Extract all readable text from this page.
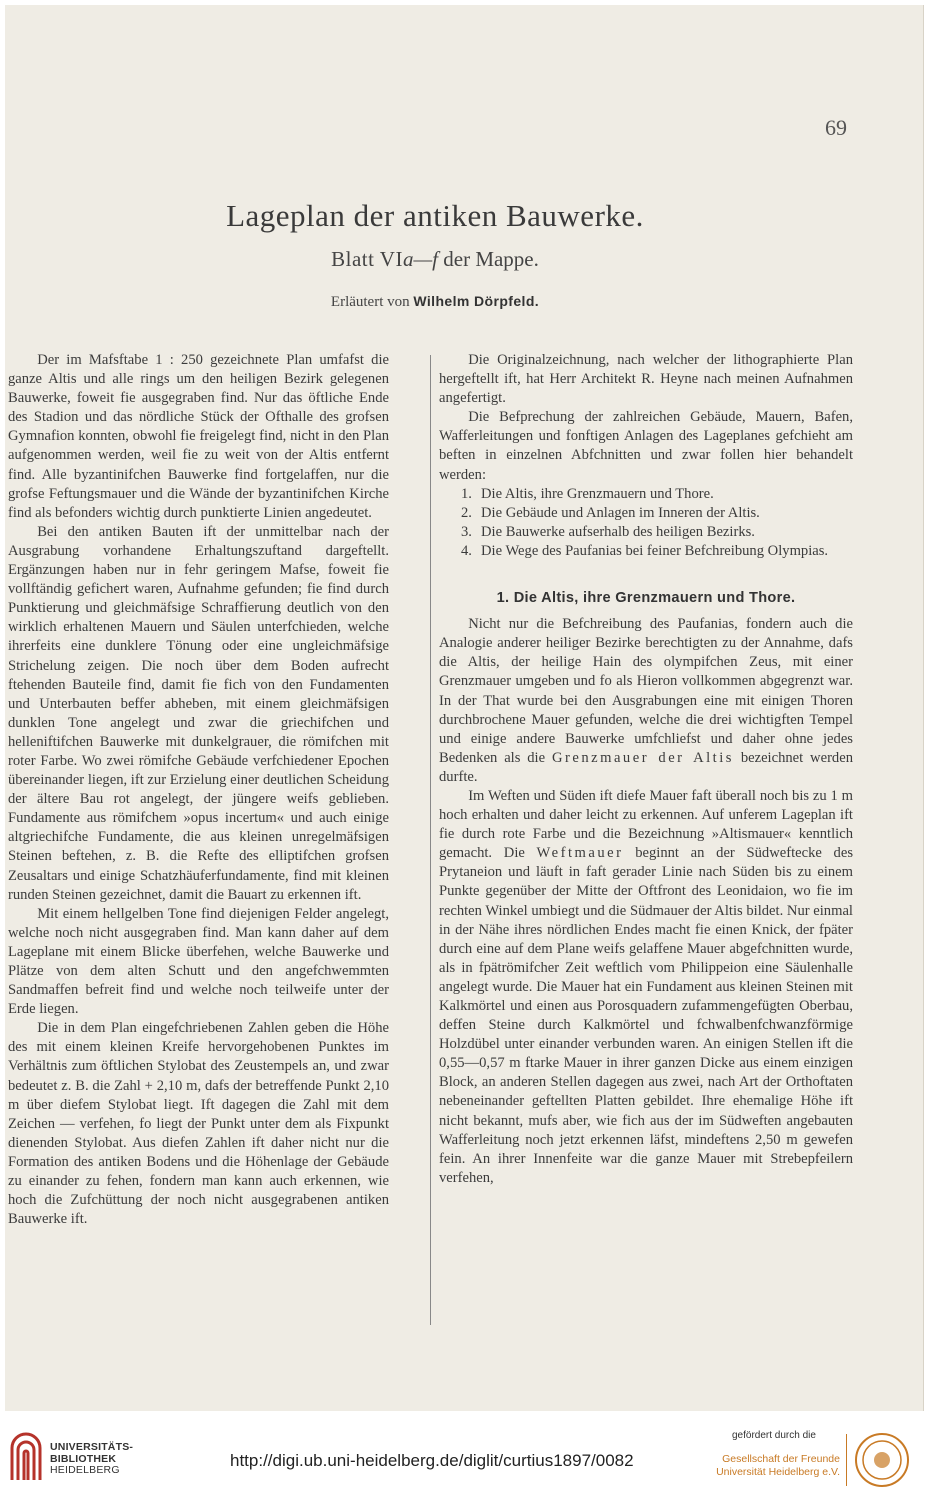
69
Lageplan der antiken Bauwerke.
Blatt VIa—f der Mappe.
Erläutert von Wilhelm Dörpfeld.

Der im Mafsftabe 1 : 250 gezeichnete Plan umfafst die ganze Altis und alle rings um den heiligen Bezirk gelegenen Bauwerke, foweit fie ausgegraben find. Nur das öftliche Ende des Stadion und das nördliche Stück der Ofthalle des grofsen Gymnafion konnten, obwohl fie freigelegt find, nicht in den Plan aufgenommen werden, weil fie zu weit von der Altis entfernt find. Alle byzantinifchen Bauwerke find fortgelaffen, nur die grofse Feftungsmauer und die Wände der byzantinifchen Kirche find als befonders wichtig durch punktierte Linien angedeutet.

Bei den antiken Bauten ift der unmittelbar nach der Ausgrabung vorhandene Erhaltungszuftand dargeftellt. Ergänzungen haben nur in fehr geringem Mafse, foweit fie vollftändig gefichert waren, Aufnahme gefunden; fie find durch Punktierung und gleichmäfsige Schraffierung deutlich von den wirklich erhaltenen Mauern und Säulen unterfchieden, welche ihrerfeits eine dunklere Tönung oder eine ungleichmäfsige Strichelung zeigen. Die noch über dem Boden aufrecht ftehenden Bauteile find, damit fie fich von den Fundamenten und Unterbauten beffer abheben, mit einem gleichmäfsigen dunklen Tone angelegt und zwar die griechifchen und helleniftifchen Bauwerke mit dunkelgrauer, die römifchen mit roter Farbe. Wo zwei römifche Gebäude verfchiedener Epochen übereinander liegen, ift zur Erzielung einer deutlichen Scheidung der ältere Bau rot angelegt, der jüngere weifs geblieben. Fundamente aus römifchem »opus incertum« und auch einige altgriechifche Fundamente, die aus kleinen unregelmäfsigen Steinen beftehen, z. B. die Refte des elliptifchen grofsen Zeusaltars und einige Schatzhäuferfundamente, find mit kleinen runden Steinen gezeichnet, damit die Bauart zu erkennen ift.

Mit einem hellgelben Tone find diejenigen Felder angelegt, welche noch nicht ausgegraben find. Man kann daher auf dem Lageplane mit einem Blicke überfehen, welche Bauwerke und Plätze von dem alten Schutt und den angefchwemmten Sandmaffen befreit find und welche noch teilweife unter der Erde liegen.

Die in dem Plan eingefchriebenen Zahlen geben die Höhe des mit einem kleinen Kreife hervorgehobenen Punktes im Verhältnis zum öftlichen Stylobat des Zeustempels an, und zwar bedeutet z. B. die Zahl + 2,10 m, dafs der betreffende Punkt 2,10 m über diefem Stylobat liegt. Ift dagegen die Zahl mit dem Zeichen — verfehen, fo liegt der Punkt unter dem als Fixpunkt dienenden Stylobat. Aus diefen Zahlen ift daher nicht nur die Formation des antiken Bodens und die Höhenlage der Gebäude zu einander zu fehen, fondern man kann auch erkennen, wie hoch die Zufchüttung der noch nicht ausgegrabenen antiken Bauwerke ift.

Die Originalzeichnung, nach welcher der lithographierte Plan hergeftellt ift, hat Herr Architekt R. Heyne nach meinen Aufnahmen angefertigt.

Die Befprechung der zahlreichen Gebäude, Mauern, Bafen, Wafferleitungen und fonftigen Anlagen des Lageplanes gefchieht am beften in einzelnen Abfchnitten und zwar follen hier behandelt werden:

1. Die Altis, ihre Grenzmauern und Thore.
2. Die Gebäude und Anlagen im Inneren der Altis.
3. Die Bauwerke aufserhalb des heiligen Bezirks.
4. Die Wege des Paufanias bei feiner Befchreibung Olympias.
1. Die Altis, ihre Grenzmauern und Thore.

Nicht nur die Befchreibung des Paufanias, fondern auch die Analogie anderer heiliger Bezirke berechtigten zu der Annahme, dafs die Altis, der heilige Hain des olympifchen Zeus, mit einer Grenzmauer umgeben und fo als Hieron vollkommen abgegrenzt war. In der That wurde bei den Ausgrabungen eine mit einigen Thoren durchbrochene Mauer gefunden, welche die drei wichtigften Tempel und einige andere Bauwerke umfchliefst und daher ohne jedes Bedenken als die Grenzmauer der Altis bezeichnet werden durfte.

Im Weften und Süden ift diefe Mauer faft überall noch bis zu 1 m hoch erhalten und daher leicht zu erkennen. Auf unferem Lageplan ift fie durch rote Farbe und die Bezeichnung »Altismauer« kenntlich gemacht. Die Weftmauer beginnt an der Südweftecke des Prytaneion und läuft in faft gerader Linie nach Süden bis zu einem Punkte gegenüber der Mitte der Oftfront des Leonidaion, wo fie im rechten Winkel umbiegt und die Südmauer der Altis bildet. Nur einmal in der Nähe ihres nördlichen Endes macht fie einen Knick, der fpäter durch eine auf dem Plane weifs gelaffene Mauer abgefchnitten wurde, als in fpätrömifcher Zeit weftlich vom Philippeion eine Säulenhalle angelegt wurde. Die Mauer hat ein Fundament aus kleinen Steinen mit Kalkmörtel und einen aus Porosquadern zufammengefügten Oberbau, deffen Steine durch Kalkmörtel und fchwalbenfchwanzförmige Holzdübel unter einander verbunden waren. An einigen Stellen ift die 0,55—0,57 m ftarke Mauer in ihrer ganzen Dicke aus einem einzigen Block, an anderen Stellen dagegen aus zwei, nach Art der Orthoftaten nebeneinander geftellten Platten gebildet. Ihre ehemalige Höhe ift nicht bekannt, mufs aber, wie fich aus der im Südweften angebauten Wafferleitung noch jetzt erkennen läfst, mindeftens 2,50 m gewefen fein. An ihrer Innenfeite war die ganze Mauer mit Strebepfeilern verfehen,

UNIVERSITÄTS-
BIBLIOTHEK
HEIDELBERG	http://digi.ub.uni-heidelberg.de/diglit/curtius1897/0082
gefördert durch die
Gesellschaft der Freunde
Universität Heidelberg e.V.
